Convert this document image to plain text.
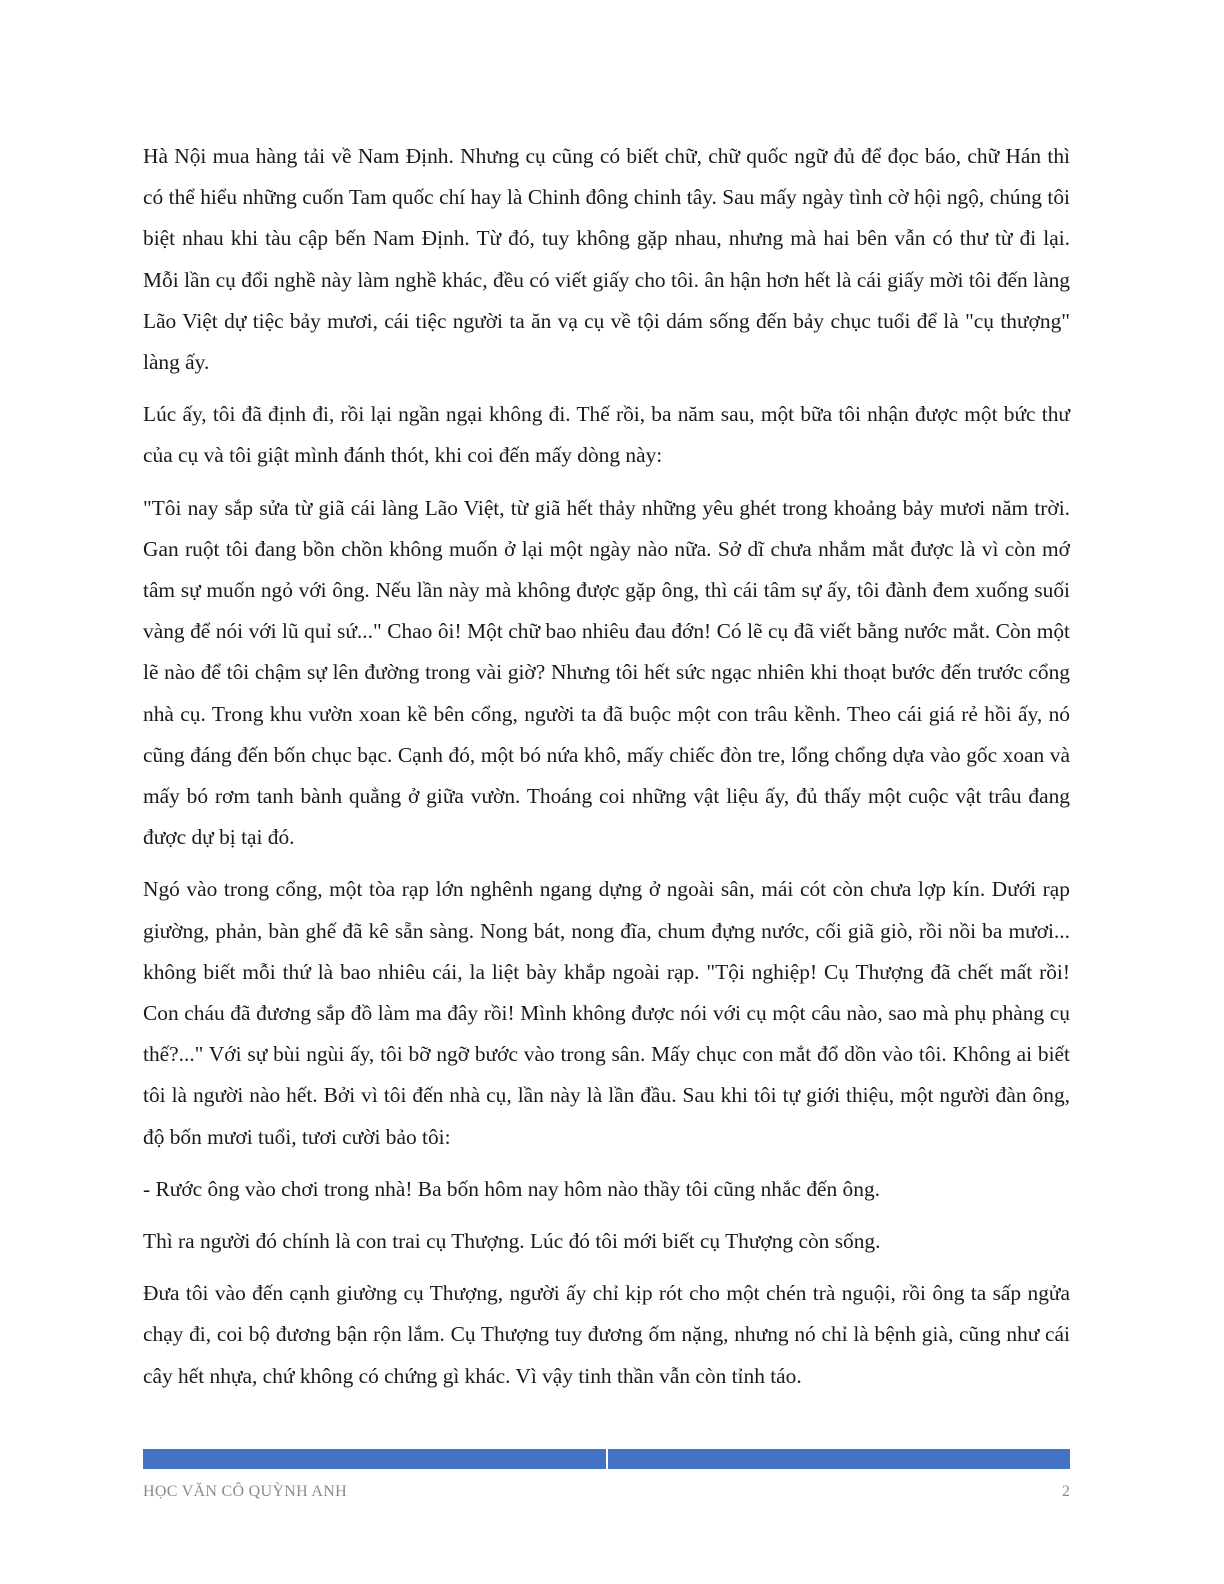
Hà Nội mua hàng tải về Nam Định. Nhưng cụ cũng có biết chữ, chữ quốc ngữ đủ để đọc báo, chữ Hán thì có thể hiểu những cuốn Tam quốc chí hay là Chinh đông chinh tây. Sau mấy ngày tình cờ hội ngộ, chúng tôi biệt nhau khi tàu cập bến Nam Định. Từ đó, tuy không gặp nhau, nhưng mà hai bên vẫn có thư từ đi lại. Mỗi lần cụ đổi nghề này làm nghề khác, đều có viết giấy cho tôi. ân hận hơn hết là cái giấy mời tôi đến làng Lão Việt dự tiệc bảy mươi, cái tiệc người ta ăn vạ cụ về tội dám sống đến bảy chục tuổi để là "cụ thượng" làng ấy.

Lúc ấy, tôi đã định đi, rồi lại ngần ngại không đi. Thế rồi, ba năm sau, một bữa tôi nhận được một bức thư của cụ và tôi giật mình đánh thót, khi coi đến mấy dòng này:

"Tôi nay sắp sửa từ giã cái làng Lão Việt, từ giã hết thảy những yêu ghét trong khoảng bảy mươi năm trời. Gan ruột tôi đang bồn chồn không muốn ở lại một ngày nào nữa. Sở dĩ chưa nhắm mắt được là vì còn mớ tâm sự muốn ngỏ với ông. Nếu lần này mà không được gặp ông, thì cái tâm sự ấy, tôi đành đem xuống suối vàng để nói với lũ quỉ sứ..." Chao ôi! Một chữ bao nhiêu đau đớn! Có lẽ cụ đã viết bằng nước mắt. Còn một lẽ nào để tôi chậm sự lên đường trong vài giờ? Nhưng tôi hết sức ngạc nhiên khi thoạt bước đến trước cổng nhà cụ. Trong khu vườn xoan kề bên cổng, người ta đã buộc một con trâu kềnh. Theo cái giá rẻ hồi ấy, nó cũng đáng đến bốn chục bạc. Cạnh đó, một bó nứa khô, mấy chiếc đòn tre, lổng chổng dựa vào gốc xoan và mấy bó rơm tanh bành quẳng ở giữa vườn. Thoáng coi những vật liệu ấy, đủ thấy một cuộc vật trâu đang được dự bị tại đó.

Ngó vào trong cổng, một tòa rạp lớn nghênh ngang dựng ở ngoài sân, mái cót còn chưa lợp kín. Dưới rạp giường, phản, bàn ghế đã kê sẵn sàng. Nong bát, nong đĩa, chum đựng nước, cối giã giò, rồi nồi ba mươi... không biết mỗi thứ là bao nhiêu cái, la liệt bày khắp ngoài rạp. "Tội nghiệp! Cụ Thượng đã chết mất rồi! Con cháu đã đương sắp đồ làm ma đây rồi! Mình không được nói với cụ một câu nào, sao mà phụ phàng cụ thế?..." Với sự bùi ngùi ấy, tôi bỡ ngỡ bước vào trong sân. Mấy chục con mắt đổ dồn vào tôi. Không ai biết tôi là người nào hết. Bởi vì tôi đến nhà cụ, lần này là lần đầu. Sau khi tôi tự giới thiệu, một người đàn ông, độ bốn mươi tuổi, tươi cười bảo tôi:

- Rước ông vào chơi trong nhà! Ba bốn hôm nay hôm nào thầy tôi cũng nhắc đến ông.

Thì ra người đó chính là con trai cụ Thượng. Lúc đó tôi mới biết cụ Thượng còn sống.

Đưa tôi vào đến cạnh giường cụ Thượng, người ấy chỉ kịp rót cho một chén trà nguội, rồi ông ta sấp ngửa chạy đi, coi bộ đương bận rộn lắm. Cụ Thượng tuy đương ốm nặng, nhưng nó chỉ là bệnh già, cũng như cái cây hết nhựa, chứ không có chứng gì khác. Vì vậy tinh thần vẫn còn tỉnh táo.

HỌC VĂN CÔ QUỲNH ANH	2
